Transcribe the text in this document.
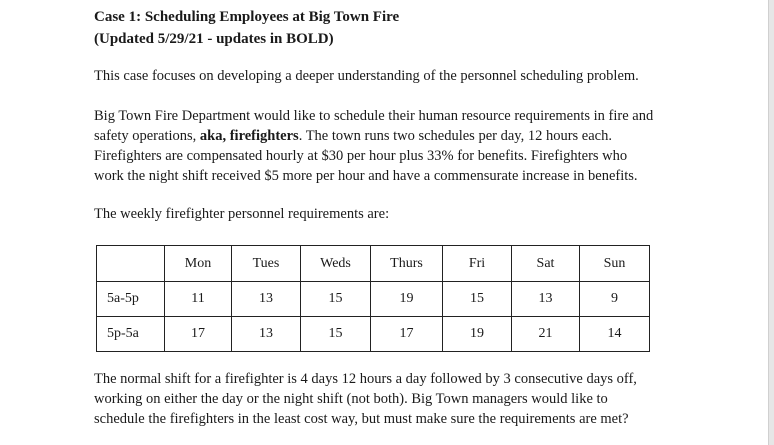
Case 1: Scheduling Employees at Big Town Fire
(Updated 5/29/21 - updates in BOLD)
This case focuses on developing a deeper understanding of the personnel scheduling problem.
Big Town Fire Department would like to schedule their human resource requirements in fire and
safety operations, aka, firefighters. The town runs two schedules per day, 12 hours each.
Firefighters are compensated hourly at $30 per hour plus 33% for benefits. Firefighters who
work the night shift received $5 more per hour and have a commensurate increase in benefits.
The weekly firefighter personnel requirements are:
The normal shift for a firefighter is 4 days 12 hours a day followed by 3 consecutive days off,
working on either the day or the night shift (not both). Big Town managers would like to
schedule the firefighters in the least cost way, but must make sure the requirements are met?
	Mon	Tues	Weds	Thurs	Fri	Sat	Sun
5a-5p	11	13	15	19	15	13	9
5p-5a	17	13	15	17	19	21	14
